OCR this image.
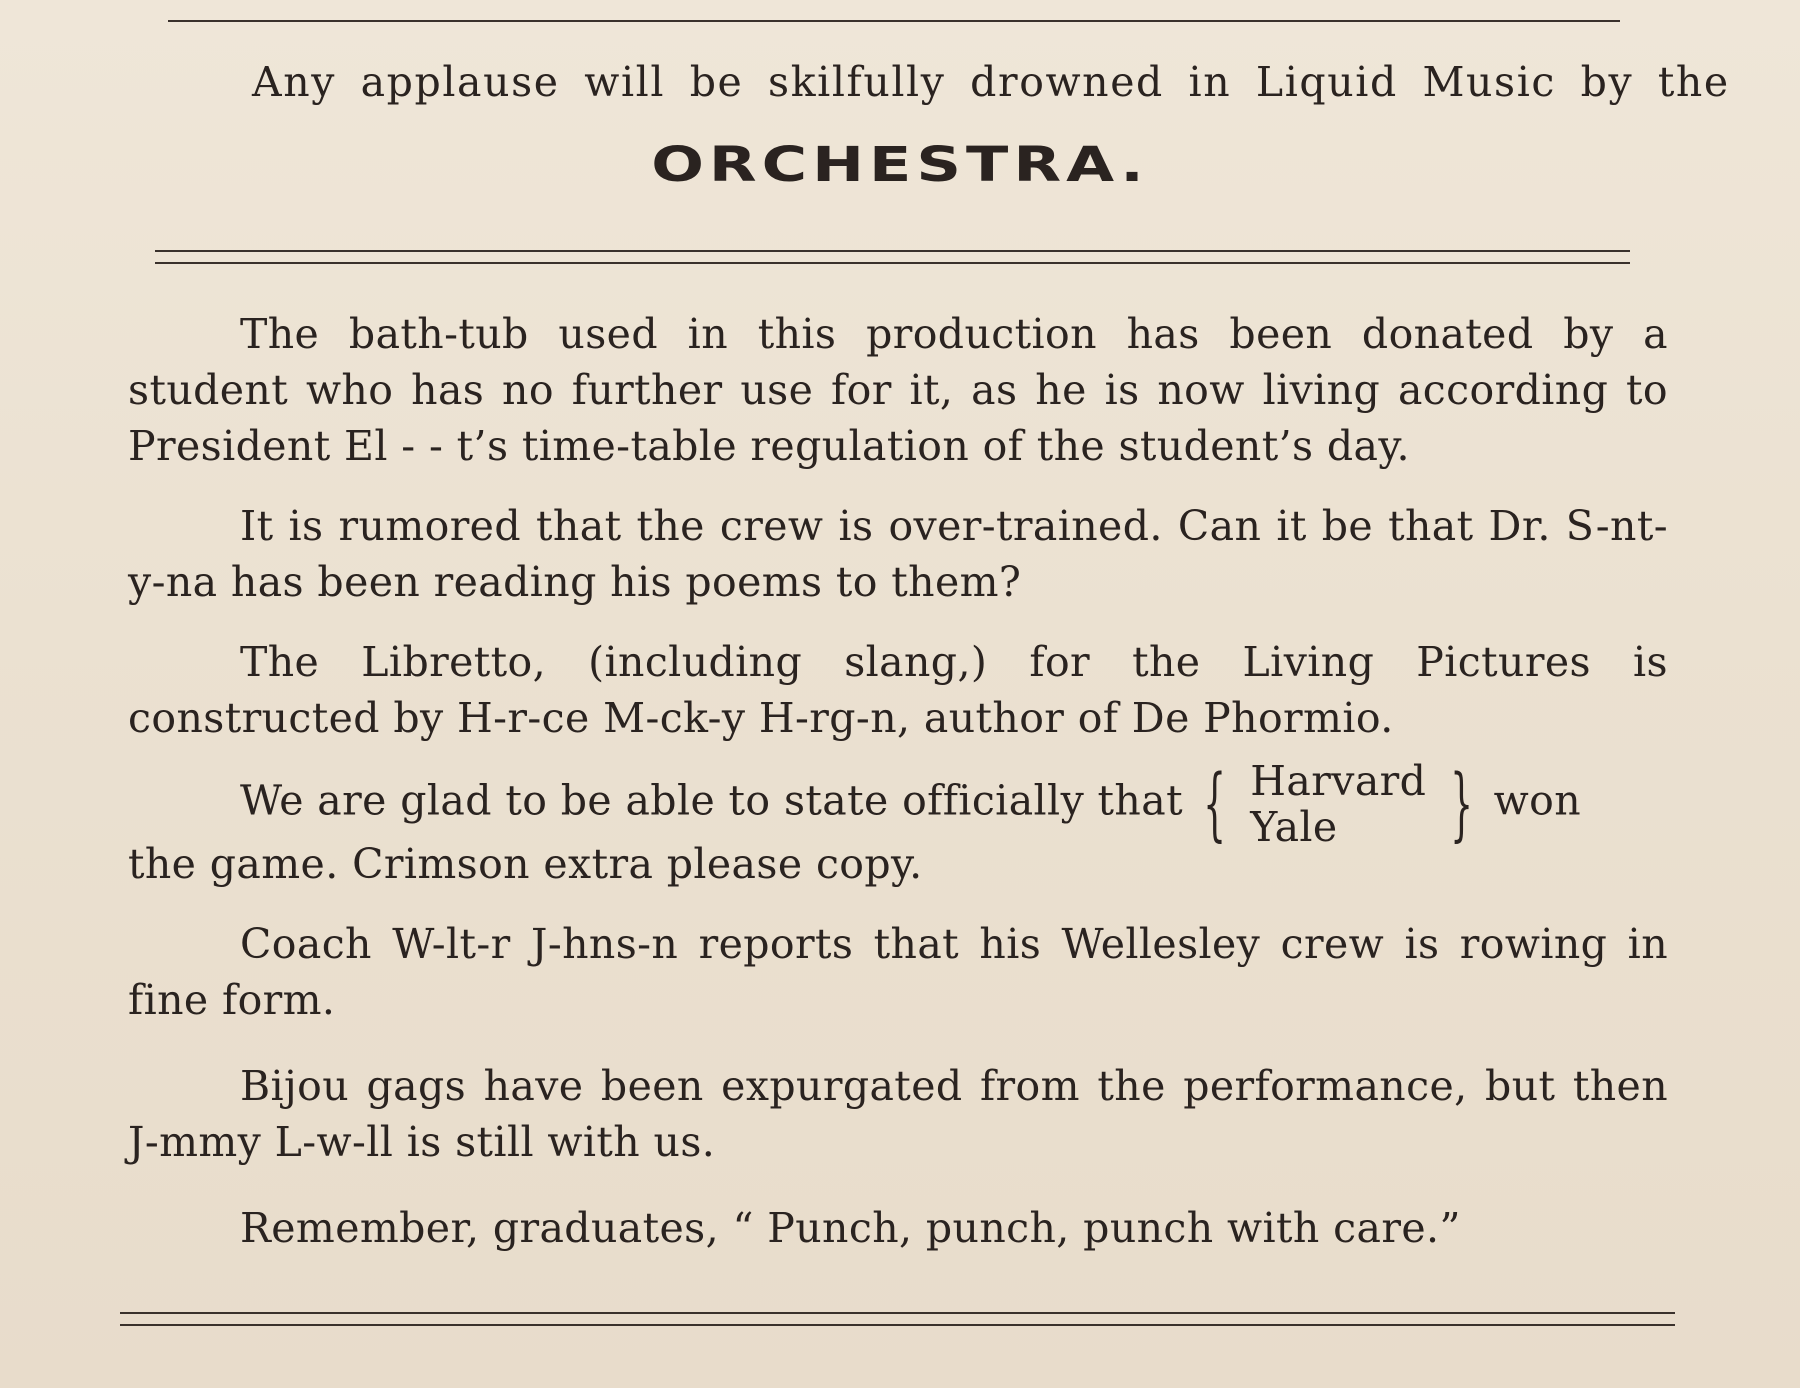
Any applause will be skilfully drowned in Liquid Music by the
ORCHESTRA.
The bath-tub used in this production has been donated by a student who has no further use for it, as he is now living according to President El - - t’s time-table regulation of the student’s day.
It is rumored that the crew is over-trained. Can it be that Dr. S-nt-y-na has been reading his poems to them?
The Libretto, (including slang,) for the Living Pictures is constructed by H-r-ce M-ck-y H-rg-n, author of De Phormio.
We are glad to be able to state officially that { Harvard
Yale	} won
the game. Crimson extra please copy.
Coach W-lt-r J-hns-n reports that his Wellesley crew is rowing in fine form.
Bijou gags have been expurgated from the performance, but then J-mmy L-w-ll is still with us.
Remember, graduates, “ Punch, punch, punch with care.”
